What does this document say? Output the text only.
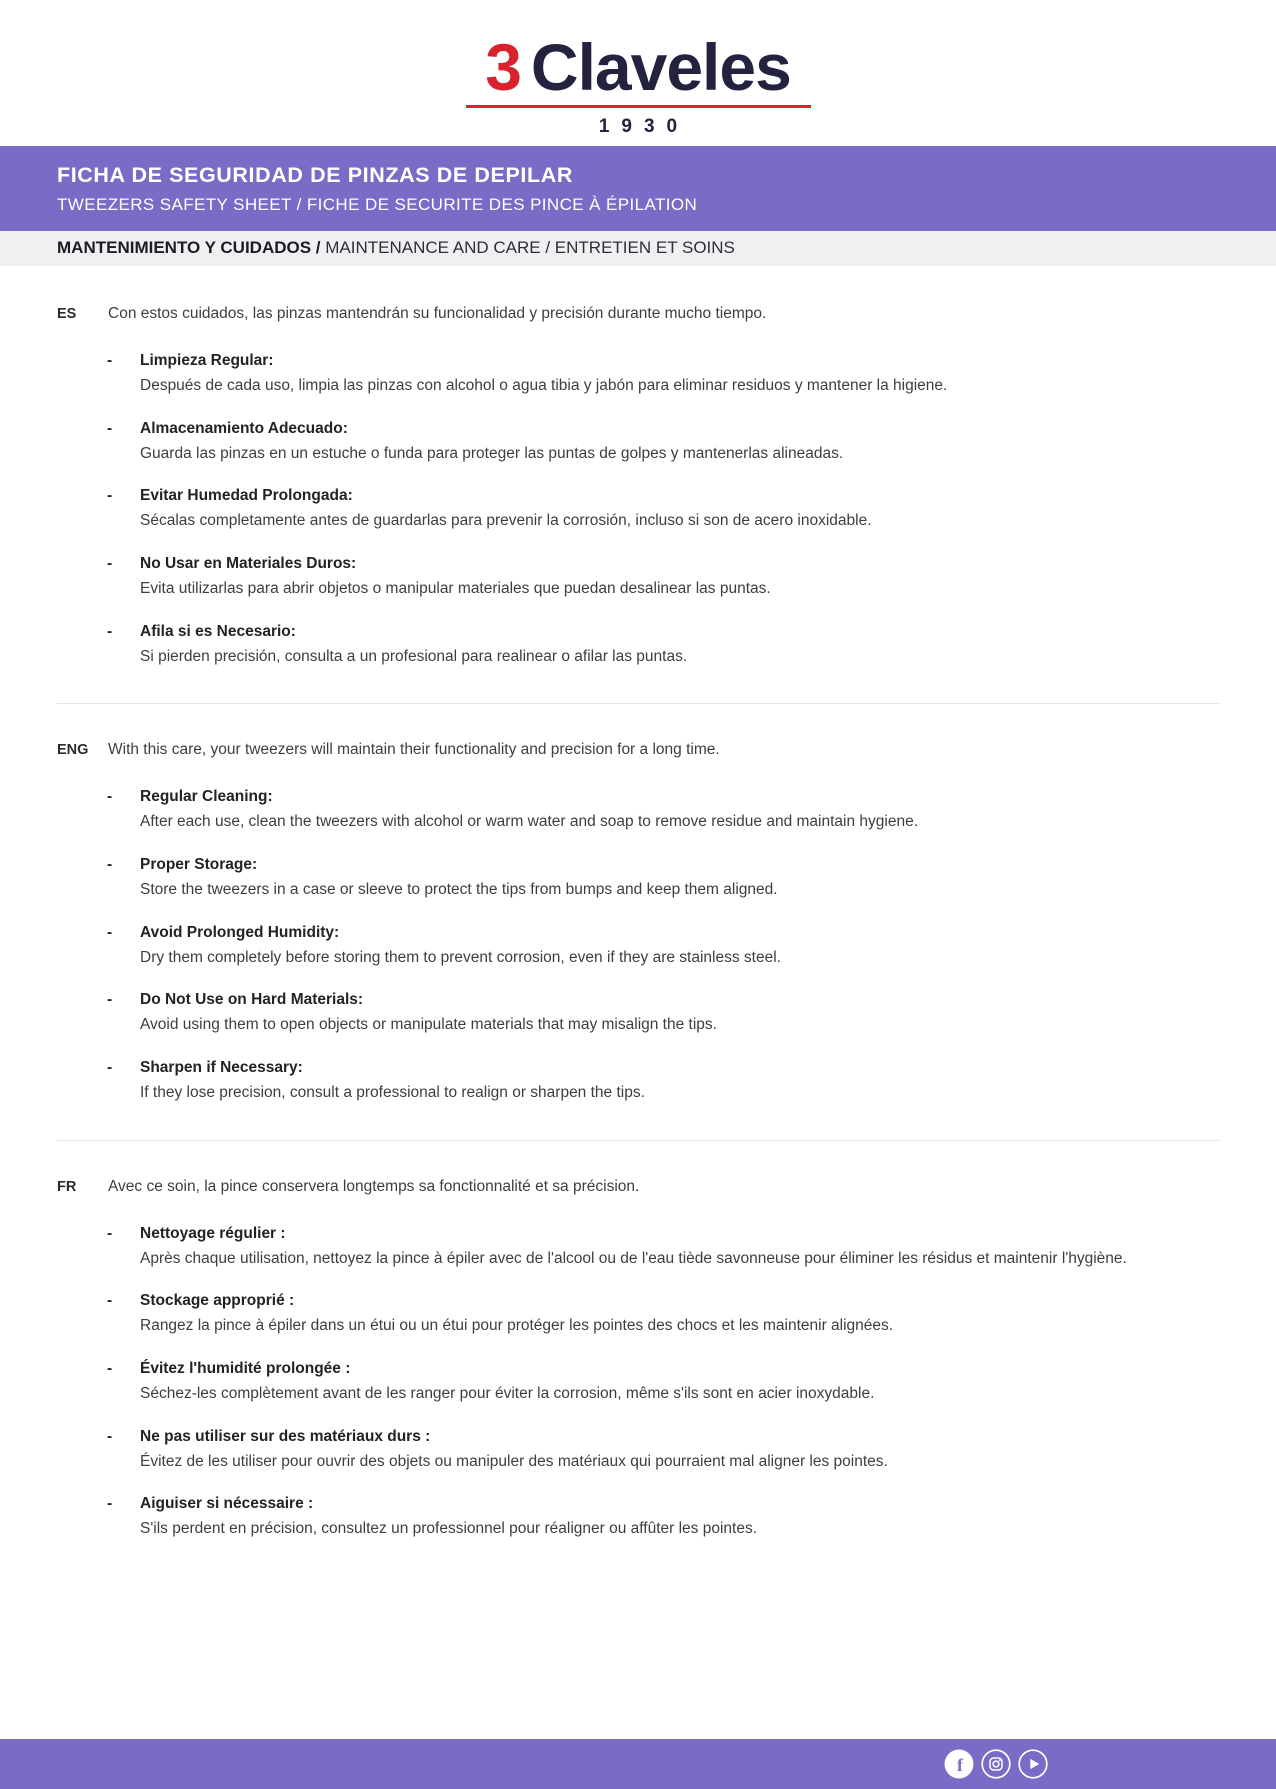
3 Claveles
1930
FICHA DE SEGURIDAD DE PINZAS DE DEPILAR
TWEEZERS SAFETY SHEET / FICHE DE SECURITE DES PINCE À ÉPILATION
MANTENIMIENTO Y CUIDADOS / MAINTENANCE AND CARE / ENTRETIEN ET SOINS
ES	Con estos cuidados, las pinzas mantendrán su funcionalidad y precisión durante mucho tiempo.

-	Limpieza Regular:
Después de cada uso, limpia las pinzas con alcohol o agua tibia y jabón para eliminar residuos y mantener la higiene.
-	Almacenamiento Adecuado:
Guarda las pinzas en un estuche o funda para proteger las puntas de golpes y mantenerlas alineadas.
-	Evitar Humedad Prolongada:
Sécalas completamente antes de guardarlas para prevenir la corrosión, incluso si son de acero inoxidable.
-	No Usar en Materiales Duros:
Evita utilizarlas para abrir objetos o manipular materiales que puedan desalinear las puntas.
-	Afila si es Necesario:
Si pierden precisión, consulta a un profesional para realinear o afilar las puntas.
ENG	With this care, your tweezers will maintain their functionality and precision for a long time.

-	Regular Cleaning:
After each use, clean the tweezers with alcohol or warm water and soap to remove residue and maintain hygiene.
-	Proper Storage:
Store the tweezers in a case or sleeve to protect the tips from bumps and keep them aligned.
-	Avoid Prolonged Humidity:
Dry them completely before storing them to prevent corrosion, even if they are stainless steel.
-	Do Not Use on Hard Materials:
Avoid using them to open objects or manipulate materials that may misalign the tips.
-	Sharpen if Necessary:
If they lose precision, consult a professional to realign or sharpen the tips.
FR	Avec ce soin, la pince conservera longtemps sa fonctionnalité et sa précision.

-	Nettoyage régulier :
Après chaque utilisation, nettoyez la pince à épiler avec de l'alcool ou de l'eau tiède savonneuse pour éliminer les résidus et maintenir l'hygiène.
-	Stockage approprié :
Rangez la pince à épiler dans un étui ou un étui pour protéger les pointes des chocs et les maintenir alignées.
-	Évitez l'humidité prolongée :
Séchez-les complètement avant de les ranger pour éviter la corrosion, même s'ils sont en acier inoxydable.
-	Ne pas utiliser sur des matériaux durs :
Évitez de les utiliser pour ouvrir des objets ou manipuler des matériaux qui pourraient mal aligner les pointes.
-	Aiguiser si nécessaire :
S'ils perdent en précision, consultez un professionnel pour réaligner ou affûter les pointes.
f
